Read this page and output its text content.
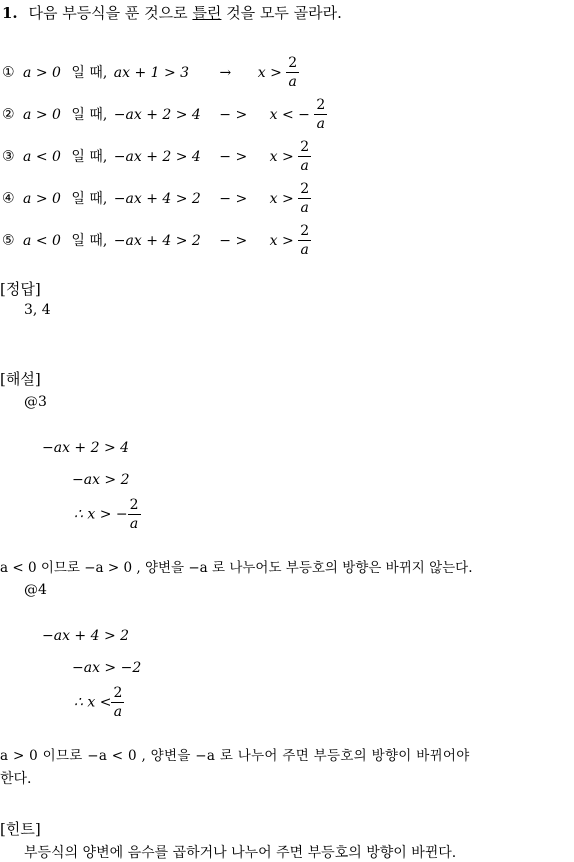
1. 다음 부등식을 푼 것으로 틀린 것을 모두 골라라.
① a > 0 일 때, ax + $1 > 3 \to x > \frac{2}{a}$
② a > 0 일 때, −ax + 2 > 4 − > x < − $\frac{2}{a}$
③ a < 0 일 때, −ax + 2 > 4 − > $x > \frac{2}{a}$
④ a > 0 일 때, −ax + 4 > 2 − > $x > \frac{2}{a}$
⑤ a < 0 일 때, −ax + 4 > 2 − > $x > \frac{2}{a}$
[정답]
3, 4
[해설]
@3
−ax + 2 > 4
−ax > 2
∴ x > − $\frac{2}{a}$
a < 0 이므로 −a > 0 , 양변을 −a 로 나누어도 부등호의 방향은 바뀌지 않는다.
@4
−ax + 4 > 2
−ax > −2
∴ $x < \frac{2}{a}$
a > 0 이므로 −a < 0 , 양변을 −a 로 나누어 주면 부등호의 방향이 바뀌어야
한다.
[힌트]
부등식의 양변에 음수를 곱하거나 나누어 주면 부등호의 방향이 바뀐다.
